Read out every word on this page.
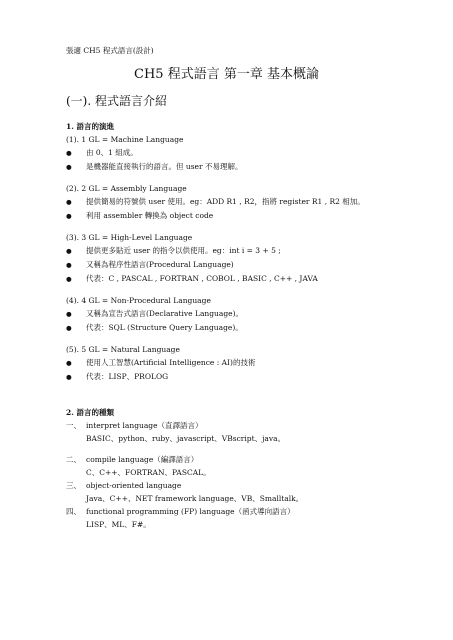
張適 CH5 程式語言(設計)
CH5 程式語言 第一章 基本概論
(一). 程式語言介紹
1. 語言的演進
(1). 1 GL = Machine Language
●由 0、1 組成。
●是機器能直接執行的語言。但 user 不易理解。
(2). 2 GL = Assembly Language
●提供簡易的符號供 user 使用。eg：ADD R1 , R2，指將 register R1 , R2 相加。
●利用 assembler 轉換為 object code
(3). 3 GL = High-Level Language
●提供更多貼近 user 的指令以供使用。eg：int i = 3 + 5 ;
●又稱為程序性語言(Procedural Language)
●代表：C , PASCAL , FORTRAN , COBOL , BASIC , C++ , JAVA
(4). 4 GL = Non-Procedural Language
●又稱為宣告式語言(Declarative Language)。
●代表：SQL (Structure Query Language)。
(5). 5 GL = Natural Language
●使用人工智慧(Artificial Intelligence : AI)的技術
●代表：LISP、PROLOG
2. 語言的種類
一、 interpret language（直譯語言）
BASIC、python、ruby、javascript、VBscript、java。
二、 compile language（編譯語言）
C、C++、FORTRAN、PASCAL。
三、 object-oriented language
Java、C++、NET framework language、VB、Smalltalk。
四、 functional programming (FP) language（函式導向語言）
LISP、ML、F#。
